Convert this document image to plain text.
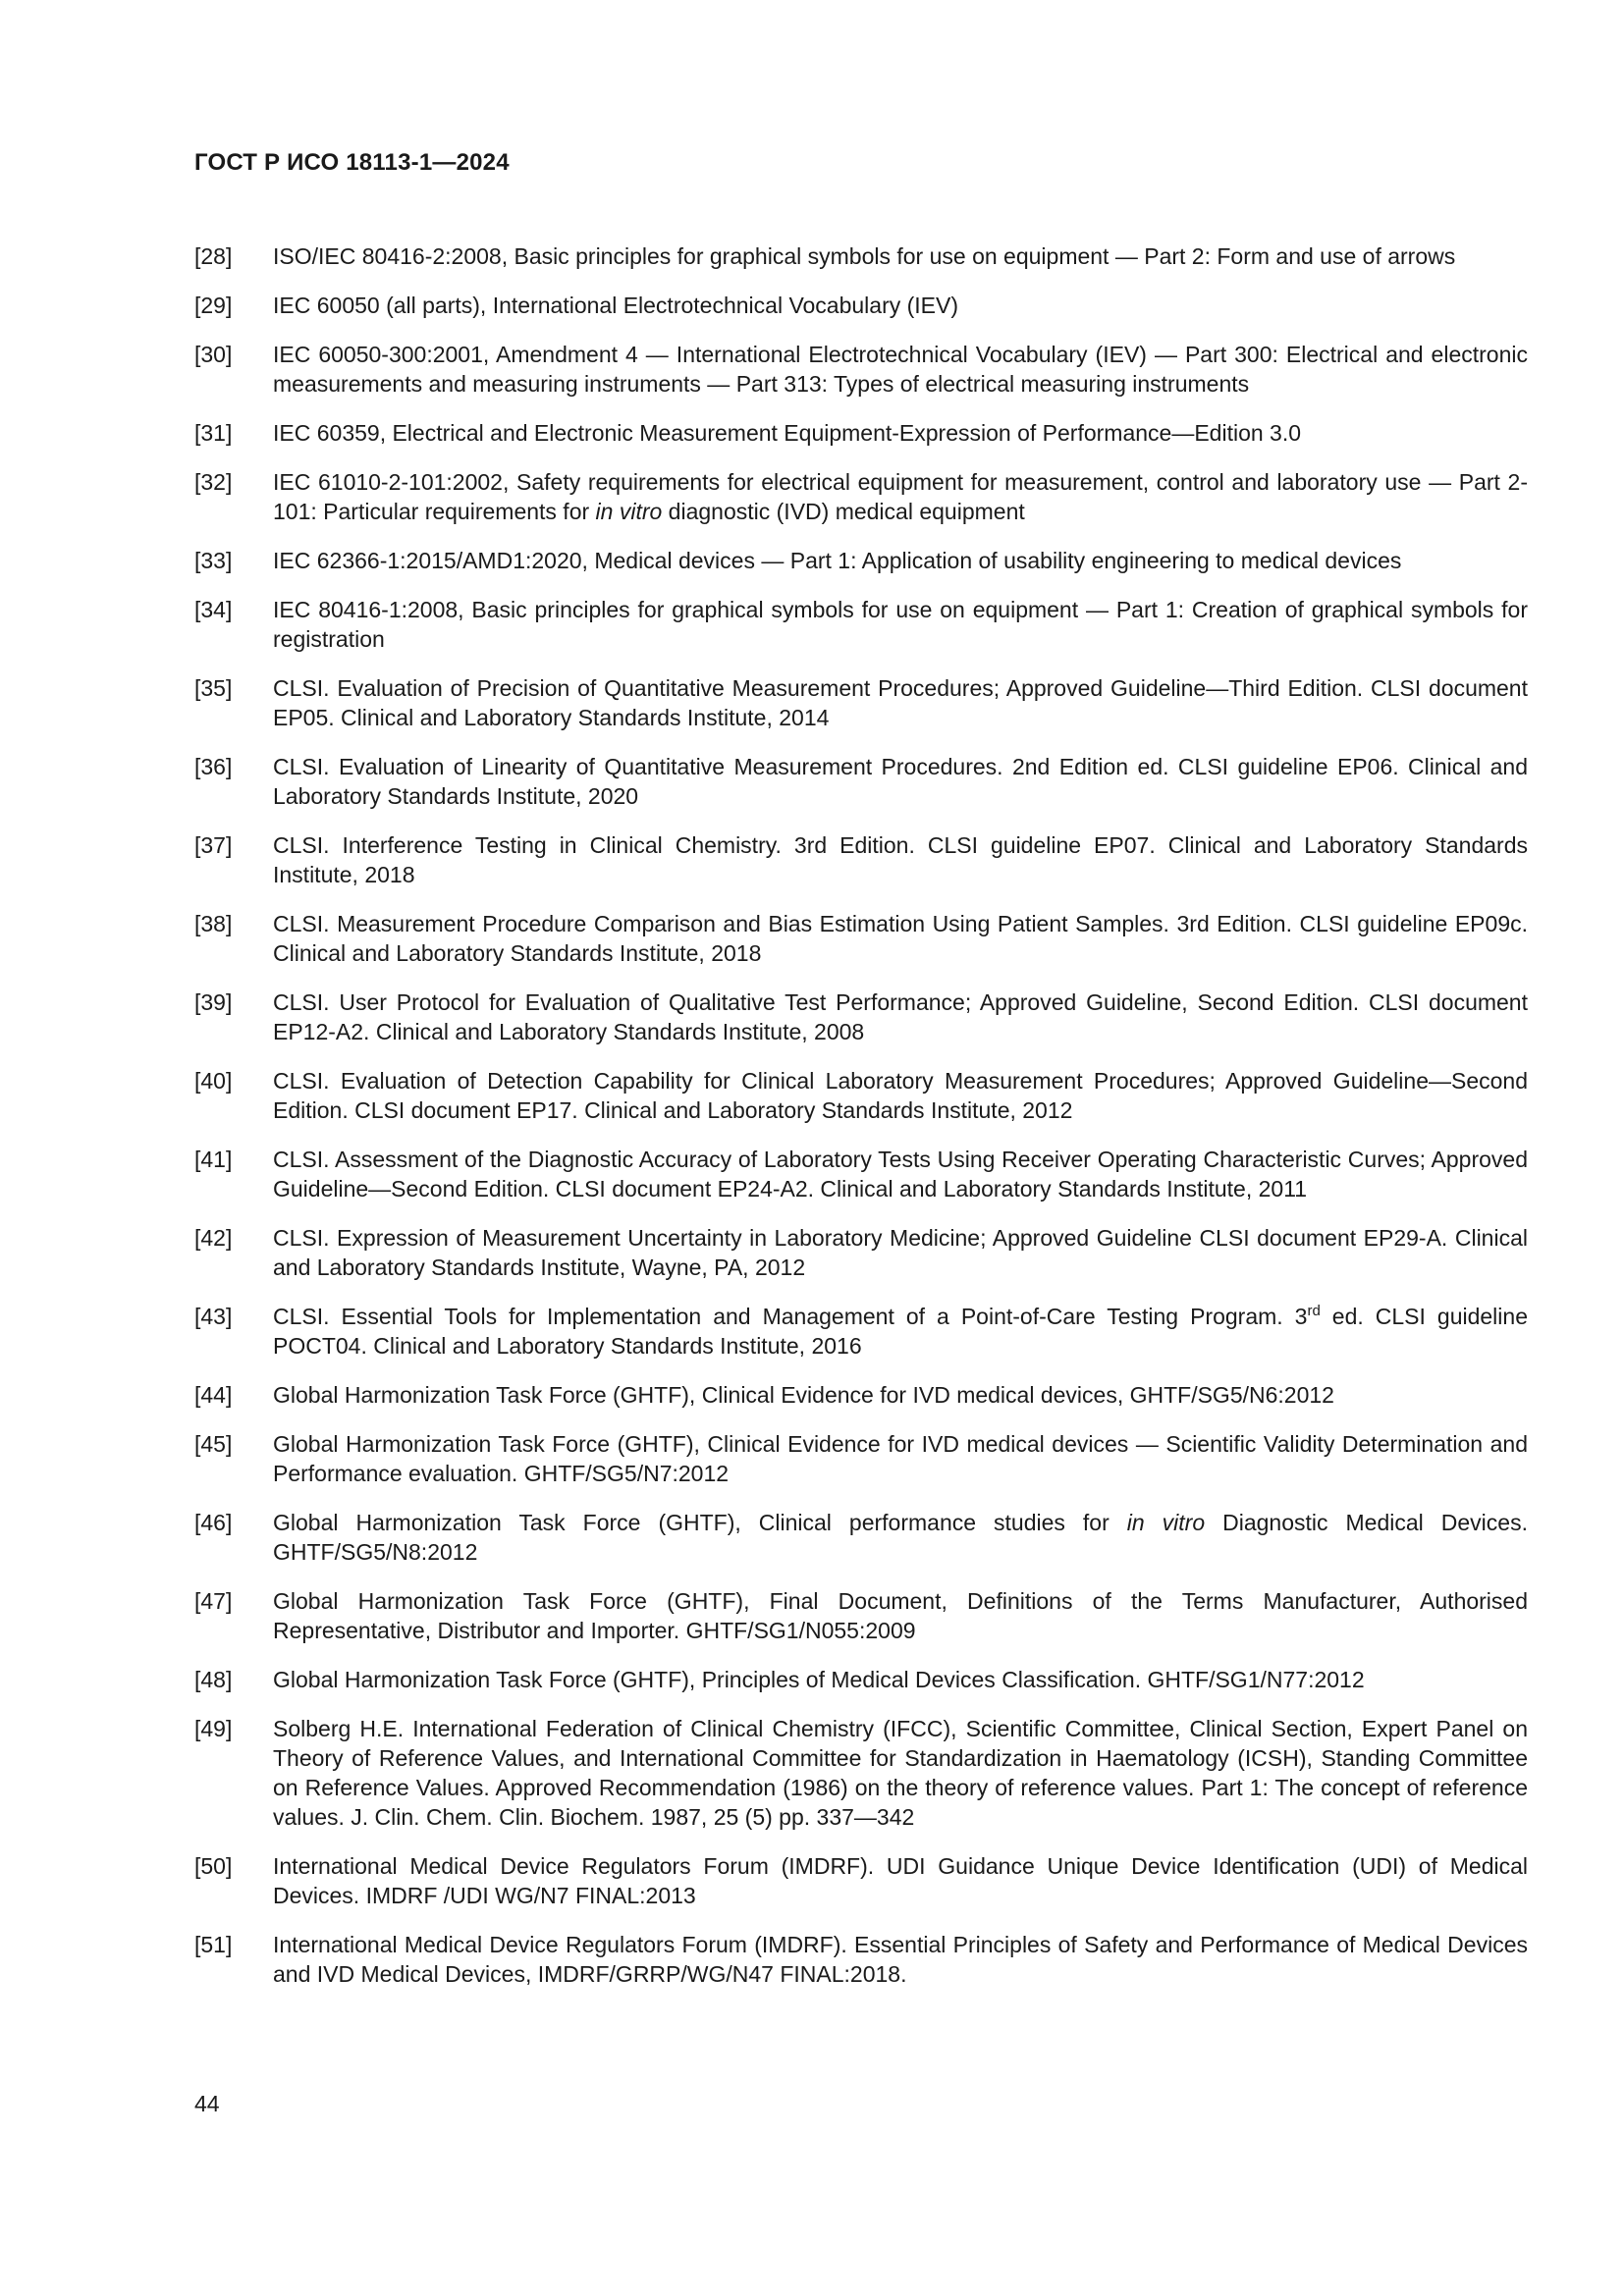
ГОСТ Р ИСО 18113-1—2024
[28]	ISO/IEC 80416-2:2008, Basic principles for graphical symbols for use on equipment — Part 2: Form and use of arrows
[29]	IEC 60050 (all parts), International Electrotechnical Vocabulary (IEV)
[30]	IEC 60050-300:2001, Amendment 4 — International Electrotechnical Vocabulary (IEV) — Part 300: Electrical and electronic measurements and measuring instruments — Part 313: Types of electrical measuring instruments
[31]	IEC 60359, Electrical and Electronic Measurement Equipment-Expression of Performance—Edition 3.0
[32]	IEC 61010-2-101:2002, Safety requirements for electrical equipment for measurement, control and laboratory use — Part 2-101: Particular requirements for in vitro diagnostic (IVD) medical equipment
[33]	IEC 62366-1:2015/AMD1:2020, Medical devices — Part 1: Application of usability engineering to medical devices
[34]	IEC 80416-1:2008, Basic principles for graphical symbols for use on equipment — Part 1: Creation of graphical symbols for registration
[35]	CLSI. Evaluation of Precision of Quantitative Measurement Procedures; Approved Guideline—Third Edition. CLSI document EP05. Clinical and Laboratory Standards Institute, 2014
[36]	CLSI. Evaluation of Linearity of Quantitative Measurement Procedures. 2nd Edition ed. CLSI guideline EP06. Clinical and Laboratory Standards Institute, 2020
[37]	CLSI. Interference Testing in Clinical Chemistry. 3rd Edition. CLSI guideline EP07. Clinical and Laboratory Standards Institute, 2018
[38]	CLSI. Measurement Procedure Comparison and Bias Estimation Using Patient Samples. 3rd Edition. CLSI guideline EP09c. Clinical and Laboratory Standards Institute, 2018
[39]	CLSI. User Protocol for Evaluation of Qualitative Test Performance; Approved Guideline, Second Edition. CLSI document EP12-A2. Clinical and Laboratory Standards Institute, 2008
[40]	CLSI. Evaluation of Detection Capability for Clinical Laboratory Measurement Procedures; Approved Guideline—Second Edition. CLSI document EP17. Clinical and Laboratory Standards Institute, 2012
[41]	CLSI. Assessment of the Diagnostic Accuracy of Laboratory Tests Using Receiver Operating Characteristic Curves; Approved Guideline—Second Edition. CLSI document EP24-A2. Clinical and Laboratory Standards Institute, 2011
[42]	CLSI. Expression of Measurement Uncertainty in Laboratory Medicine; Approved Guideline CLSI document EP29-A. Clinical and Laboratory Standards Institute, Wayne, PA, 2012
[43]	CLSI. Essential Tools for Implementation and Management of a Point-of-Care Testing Program. 3rd ed. CLSI guideline POCT04. Clinical and Laboratory Standards Institute, 2016
[44]	Global Harmonization Task Force (GHTF), Clinical Evidence for IVD medical devices, GHTF/SG5/N6:2012
[45]	Global Harmonization Task Force (GHTF), Clinical Evidence for IVD medical devices — Scientific Validity Determination and Performance evaluation. GHTF/SG5/N7:2012
[46]	Global Harmonization Task Force (GHTF), Clinical performance studies for in vitro Diagnostic Medical Devices. GHTF/SG5/N8:2012
[47]	Global Harmonization Task Force (GHTF), Final Document, Definitions of the Terms Manufacturer, Authorised Representative, Distributor and Importer. GHTF/SG1/N055:2009
[48]	Global Harmonization Task Force (GHTF), Principles of Medical Devices Classification. GHTF/SG1/N77:2012
[49]	Solberg H.E. International Federation of Clinical Chemistry (IFCC), Scientific Committee, Clinical Section, Expert Panel on Theory of Reference Values, and International Committee for Standardization in Haematology (ICSH), Standing Committee on Reference Values. Approved Recommendation (1986) on the theory of reference values. Part 1: The concept of reference values. J. Clin. Chem. Clin. Biochem. 1987, 25 (5) pp. 337—342
[50]	International Medical Device Regulators Forum (IMDRF). UDI Guidance Unique Device Identification (UDI) of Medical Devices. IMDRF /UDI WG/N7 FINAL:2013
[51]	International Medical Device Regulators Forum (IMDRF). Essential Principles of Safety and Performance of Medical Devices and IVD Medical Devices, IMDRF/GRRP/WG/N47 FINAL:2018.
44
